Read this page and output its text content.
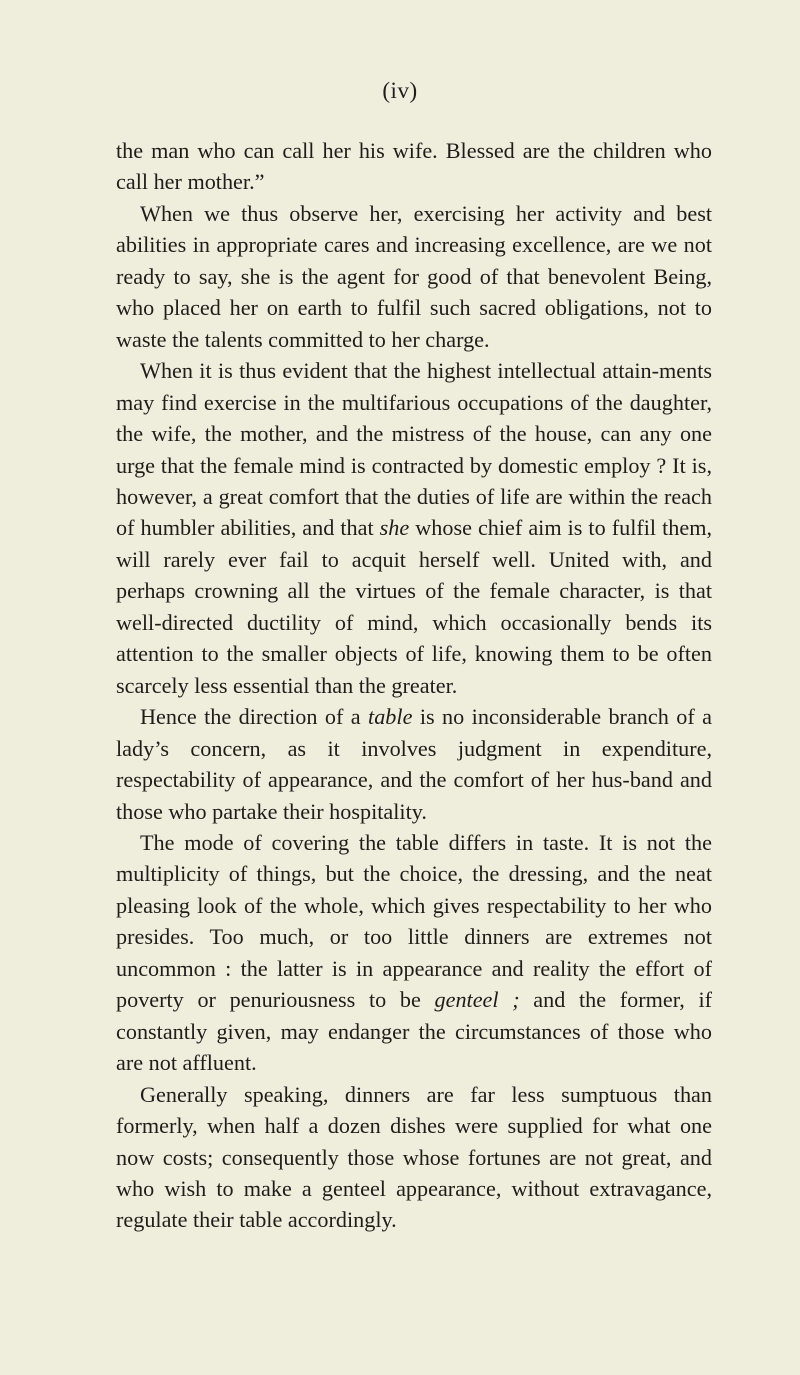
(iv)

the man who can call her his wife. Blessed are the children who call her mother.”

When we thus observe her, exercising her activity and best abilities in appropriate cares and increasing excellence, are we not ready to say, she is the agent for good of that benevolent Being, who placed her on earth to fulfil such sacred obligations, not to waste the talents committed to her charge.

When it is thus evident that the highest intellectual attain-ments may find exercise in the multifarious occupations of the daughter, the wife, the mother, and the mistress of the house, can any one urge that the female mind is contracted by domestic employ ? It is, however, a great comfort that the duties of life are within the reach of humbler abilities, and that she whose chief aim is to fulfil them, will rarely ever fail to acquit herself well. United with, and perhaps crowning all the virtues of the female character, is that well-directed ductility of mind, which occasionally bends its attention to the smaller objects of life, knowing them to be often scarcely less essential than the greater.

Hence the direction of a table is no inconsiderable branch of a lady’s concern, as it involves judgment in expenditure, respectability of appearance, and the comfort of her hus-band and those who partake their hospitality.

The mode of covering the table differs in taste. It is not the multiplicity of things, but the choice, the dressing, and the neat pleasing look of the whole, which gives respectability to her who presides. Too much, or too little dinners are extremes not uncommon : the latter is in appearance and reality the effort of poverty or penuriousness to be genteel ; and the former, if constantly given, may endanger the circumstances of those who are not affluent.

Generally speaking, dinners are far less sumptuous than formerly, when half a dozen dishes were supplied for what one now costs; consequently those whose fortunes are not great, and who wish to make a genteel appearance, without extravagance, regulate their table accordingly.
